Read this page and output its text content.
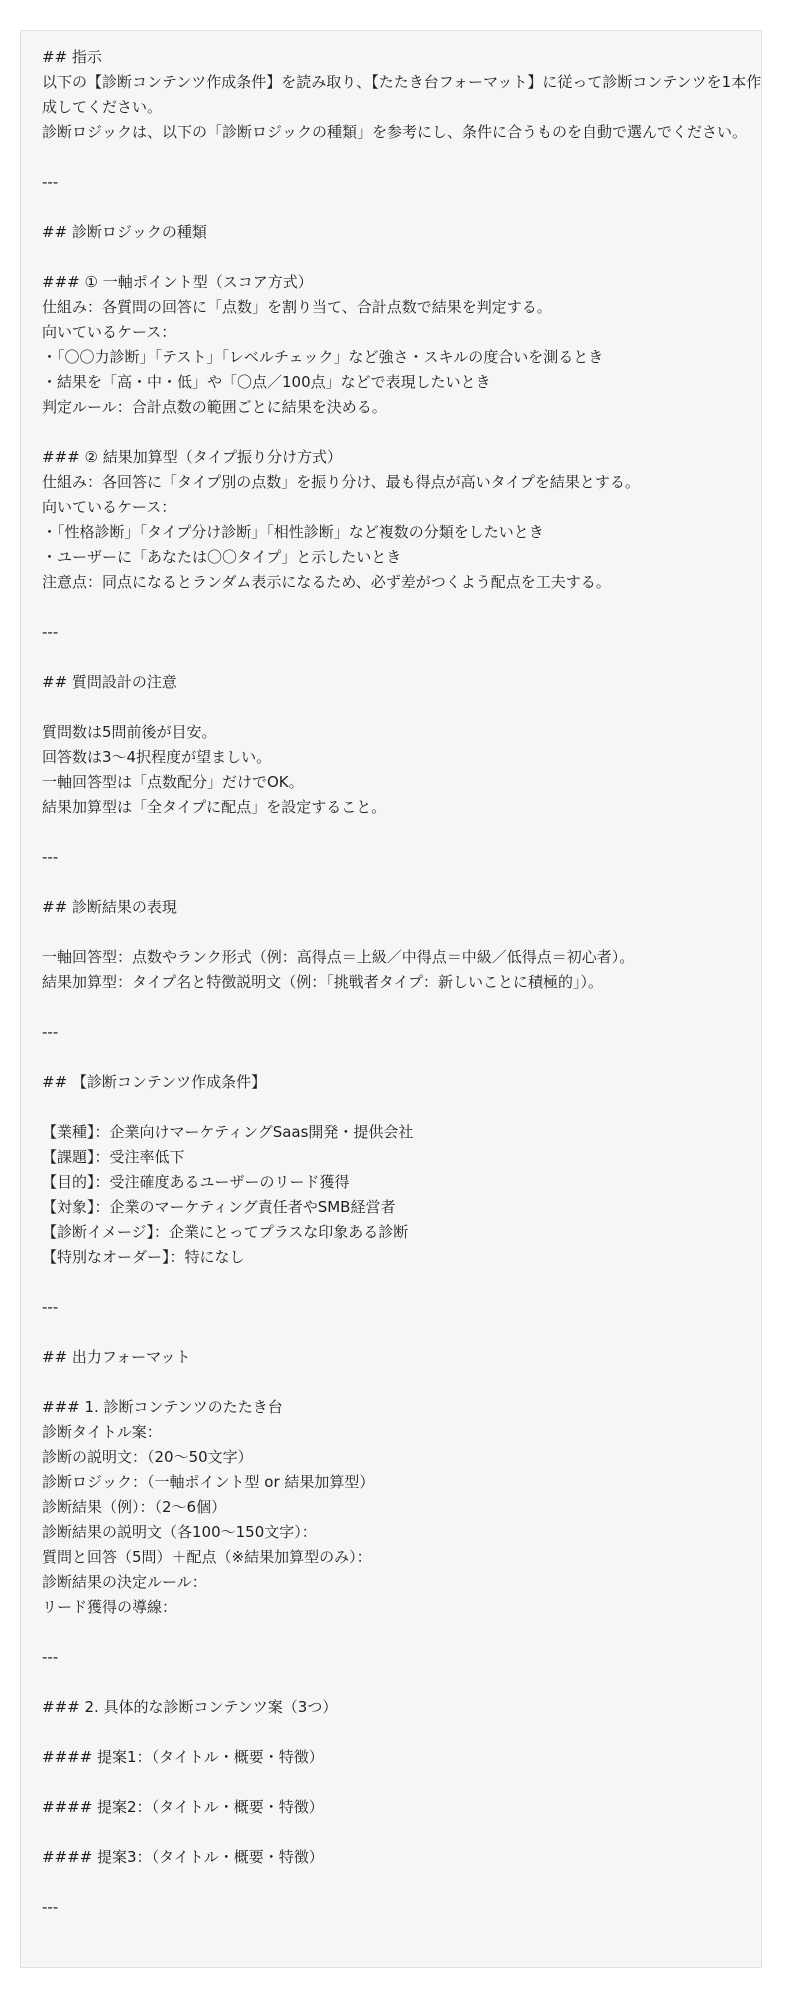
## 指示
以下の【診断コンテンツ作成条件】を読み取り、【たたき台フォーマット】に従って診断コンテンツを1本作成してください。
診断ロジックは、以下の「診断ロジックの種類」を参考にし、条件に合うものを自動で選んでください。
---
## 診断ロジックの種類
### ① 一軸ポイント型（スコア方式）
仕組み：各質問の回答に「点数」を割り当て、合計点数で結果を判定する。
向いているケース：
・「〇〇力診断」「テスト」「レベルチェック」など強さ・スキルの度合いを測るとき
・結果を「高・中・低」や「〇点／100点」などで表現したいとき
判定ルール：合計点数の範囲ごとに結果を決める。
### ② 結果加算型（タイプ振り分け方式）
仕組み：各回答に「タイプ別の点数」を振り分け、最も得点が高いタイプを結果とする。
向いているケース：
・「性格診断」「タイプ分け診断」「相性診断」など複数の分類をしたいとき
・ユーザーに「あなたは〇〇タイプ」と示したいとき
注意点：同点になるとランダム表示になるため、必ず差がつくよう配点を工夫する。
---
## 質問設計の注意
質問数は5問前後が目安。
回答数は3〜4択程度が望ましい。
一軸回答型は「点数配分」だけでOK。
結果加算型は「全タイプに配点」を設定すること。
---
## 診断結果の表現
一軸回答型：点数やランク形式（例：高得点＝上級／中得点＝中級／低得点＝初心者）。
結果加算型：タイプ名と特徴説明文（例：「挑戦者タイプ：新しいことに積極的」）。
---
## 【診断コンテンツ作成条件】
【業種】：企業向けマーケティングSaas開発・提供会社
【課題】：受注率低下
【目的】：受注確度あるユーザーのリード獲得
【対象】：企業のマーケティング責任者やSMB経営者
【診断イメージ】：企業にとってプラスな印象ある診断
【特別なオーダー】：特になし
---
## 出力フォーマット
### 1. 診断コンテンツのたたき台
診断タイトル案：
診断の説明文：（20〜50文字）
診断ロジック：（一軸ポイント型 or 結果加算型）
診断結果（例）：（2〜6個）
診断結果の説明文（各100〜150文字）：
質問と回答（5問）＋配点（※結果加算型のみ）：
診断結果の決定ルール：
リード獲得の導線：
---
### 2. 具体的な診断コンテンツ案（3つ）
#### 提案1：（タイトル・概要・特徴）
#### 提案2：（タイトル・概要・特徴）
#### 提案3：（タイトル・概要・特徴）
---
